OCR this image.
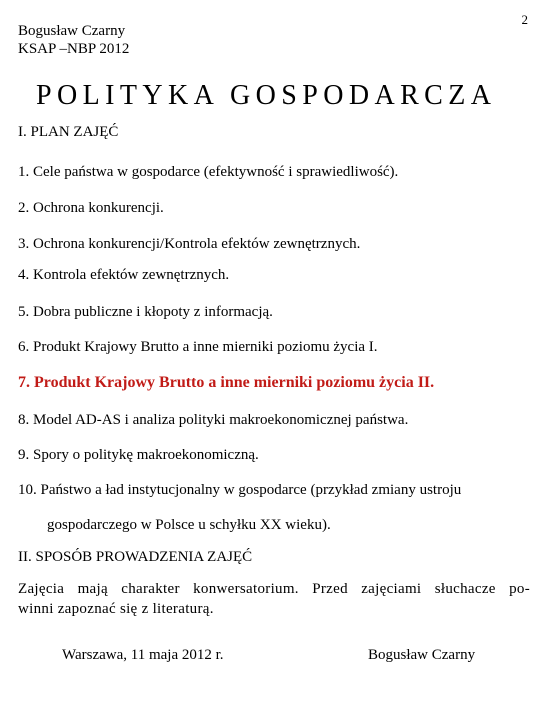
2
Bogusław Czarny
KSAP –NBP 2012
POLITYKA GOSPODARCZA
I. PLAN ZAJĘĆ
1. Cele państwa w gospodarce (efektywność i sprawiedliwość).
2. Ochrona konkurencji.
3. Ochrona konkurencji/Kontrola efektów zewnętrznych.
4. Kontrola efektów zewnętrznych.
5. Dobra publiczne i kłopoty z informacją.
6. Produkt Krajowy Brutto a inne mierniki poziomu życia I.
7. Produkt Krajowy Brutto a inne mierniki poziomu życia II.
8. Model AD-AS i analiza polityki makroekonomicznej państwa.
9. Spory o politykę makroekonomiczną.
10. Państwo a ład instytucjonalny w gospodarce (przykład zmiany ustroju
gospodarczego w Polsce u schyłku XX wieku).
II. SPOSÓB PROWADZENIA ZAJĘĆ
Zajęcia mają charakter konwersatorium. Przed zajęciami słuchacze po-
winni zapoznać się z literaturą.
Warszawa, 11 maja 2012 r.	Bogusław Czarny
